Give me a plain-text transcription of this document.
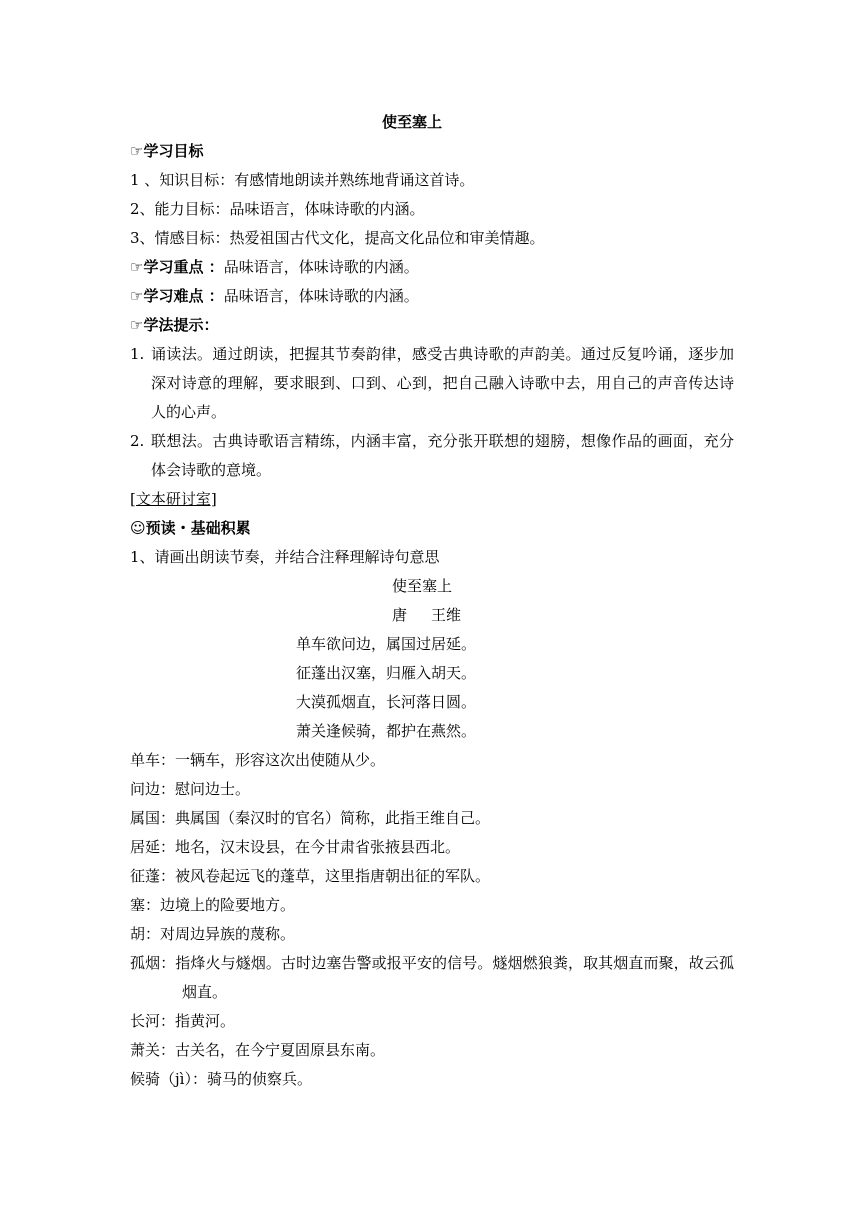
使至塞上
☞学习目标
1 、知识目标：有感情地朗读并熟练地背诵这首诗。
2、能力目标：品味语言，体味诗歌的内涵。
3、情感目标：热爱祖国古代文化，提高文化品位和审美情趣。
☞学习重点 ：品味语言，体味诗歌的内涵。
☞学习难点 ：品味语言，体味诗歌的内涵。
☞学法提示：
1. 诵读法。通过朗读，把握其节奏韵律，感受古典诗歌的声韵美。通过反复吟诵，逐步加深对诗意的理解，要求眼到、口到、心到，把自己融入诗歌中去，用自己的声音传达诗人的心声。
2. 联想法。古典诗歌语言精练，内涵丰富，充分张开联想的翅膀，想像作品的画面，充分体会诗歌的意境。
[文本研讨室]
☺预读・基础积累
1、请画出朗读节奏，并结合注释理解诗句意思
使至塞上
唐 王维
单车欲问边，属国过居延。
征蓬出汉塞，归雁入胡天。
大漠孤烟直，长河落日圆。
萧关逢候骑，都护在燕然。
单车：一辆车，形容这次出使随从少。
问边：慰问边士。
属国：典属国（秦汉时的官名）简称，此指王维自己。
居延：地名，汉末设县，在今甘肃省张掖县西北。
征蓬：被风卷起远飞的蓬草，这里指唐朝出征的军队。
塞：边境上的险要地方。
胡：对周边异族的蔑称。
孤烟：指烽火与燧烟。古时边塞告警或报平安的信号。燧烟燃狼粪，取其烟直而聚，故云孤烟直。
长河：指黄河。
萧关：古关名，在今宁夏固原县东南。
候骑（jì）：骑马的侦察兵。
